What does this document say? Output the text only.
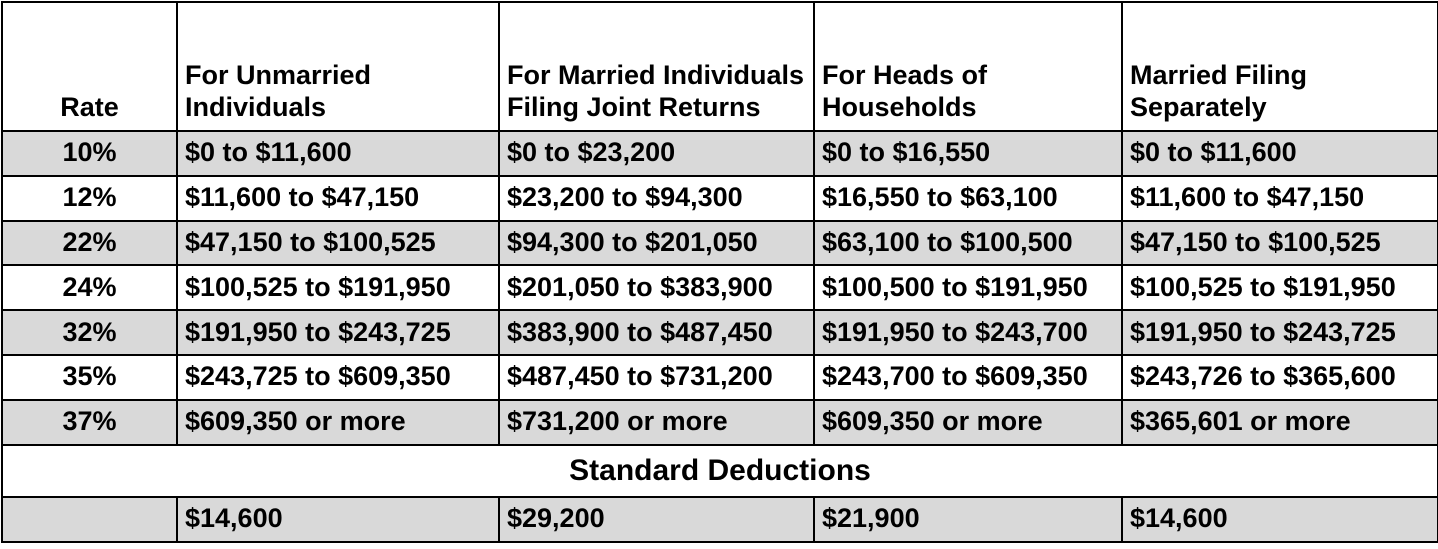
Rate	For Unmarried Individuals	For Married Individuals Filing Joint Returns	For Heads of Households	Married Filing Separately
10%	$0 to $11,600	$0 to $23,200	$0 to $16,550	$0 to $11,600
12%	$11,600 to $47,150	$23,200 to $94,300	$16,550 to $63,100	$11,600 to $47,150
22%	$47,150 to $100,525	$94,300 to $201,050	$63,100 to $100,500	$47,150 to $100,525
24%	$100,525 to $191,950	$201,050 to $383,900	$100,500 to $191,950	$100,525 to $191,950
32%	$191,950 to $243,725	$383,900 to $487,450	$191,950 to $243,700	$191,950 to $243,725
35%	$243,725 to $609,350	$487,450 to $731,200	$243,700 to $609,350	$243,726 to $365,600
37%	$609,350 or more	$731,200 or more	$609,350 or more	$365,601 or more
Standard Deductions				
	$14,600	$29,200	$21,900	$14,600
